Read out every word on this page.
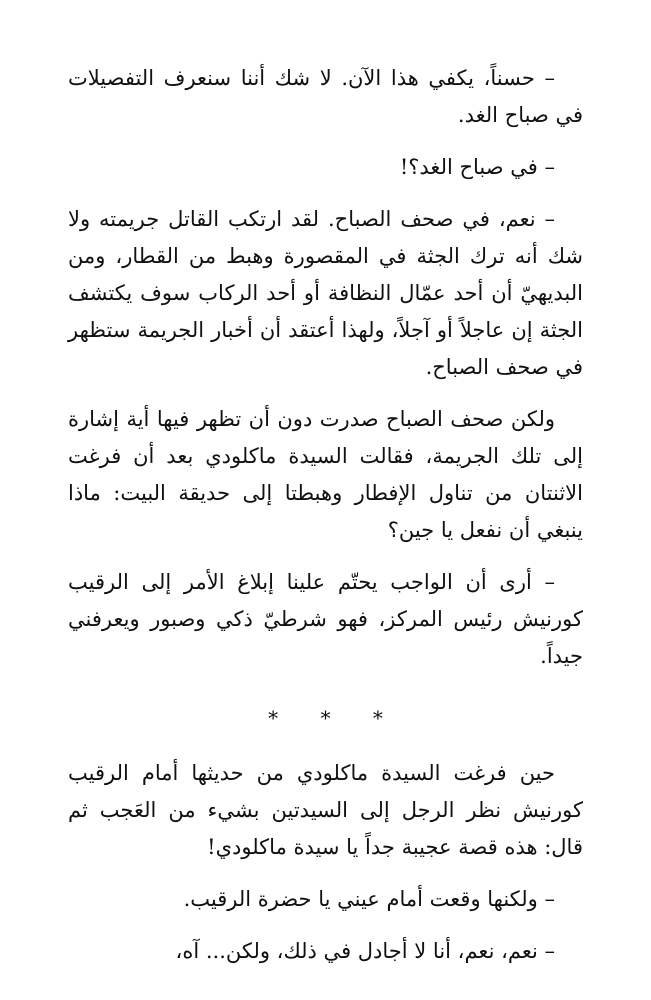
– حسناً، يكفي هذا الآن. لا شك أننا سنعرف التفصيلات في صباح الغد.

– في صباح الغد؟!

– نعم، في صحف الصباح. لقد ارتكب القاتل جريمته ولا شك أنه ترك الجثة في المقصورة وهبط من القطار، ومن البديهيّ أن أحد عمّال النظافة أو أحد الركاب سوف يكتشف الجثة إن عاجلاً أو آجلاً، ولهذا أعتقد أن أخبار الجريمة ستظهر في صحف الصباح.

ولكن صحف الصباح صدرت دون أن تظهر فيها أية إشارة إلى تلك الجريمة، فقالت السيدة ماكلودي بعد أن فرغت الاثنتان من تناول الإفطار وهبطتا إلى حديقة البيت: ماذا ينبغي أن نفعل يا جين؟

– أرى أن الواجب يحتّم علينا إبلاغ الأمر إلى الرقيب كورنيش رئيس المركز، فهو شرطيّ ذكي وصبور ويعرفني جيداً.

* * *

حين فرغت السيدة ماكلودي من حديثها أمام الرقيب كورنيش نظر الرجل إلى السيدتين بشيء من العَجب ثم قال: هذه قصة عجيبة جداً يا سيدة ماكلودي!

– ولكنها وقعت أمام عيني يا حضرة الرقيب.

– نعم، نعم، أنا لا أجادل في ذلك، ولكن... آه،
